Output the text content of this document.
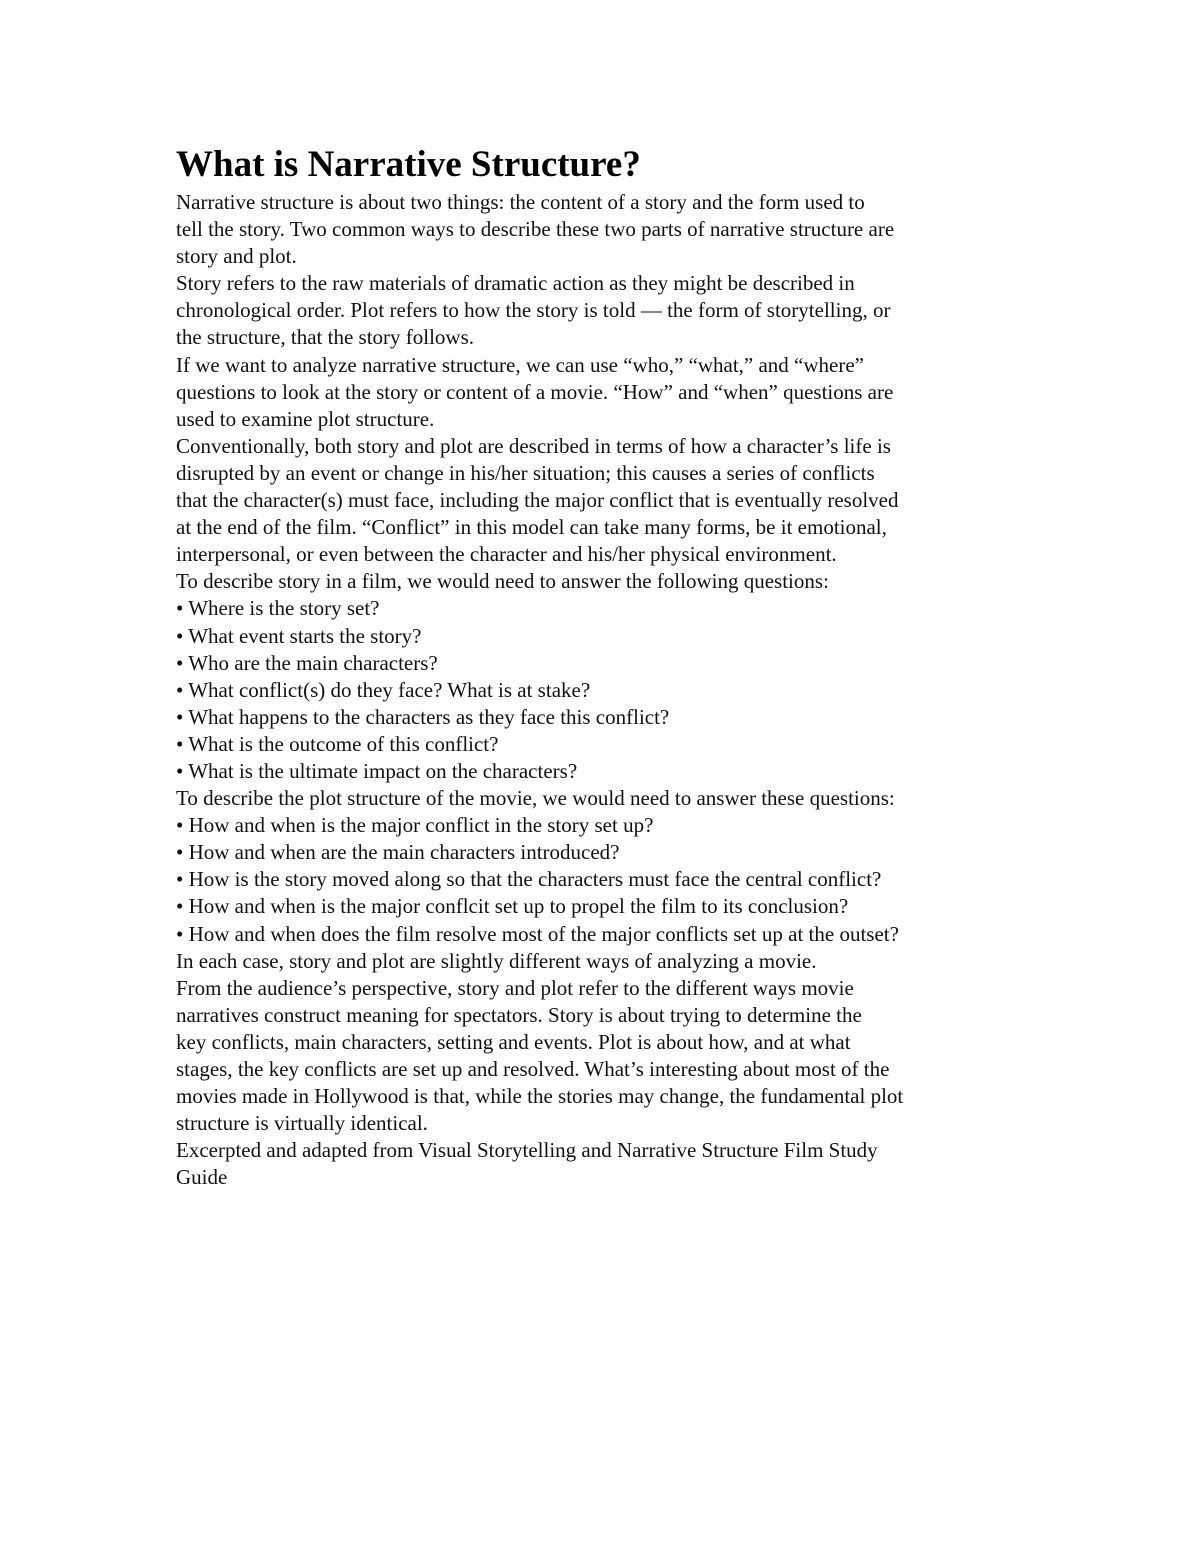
What is Narrative Structure?

Narrative structure is about two things: the content of a story and the form used to

tell the story. Two common ways to describe these two parts of narrative structure are

story and plot.

Story refers to the raw materials of dramatic action as they might be described in

chronological order. Plot refers to how the story is told — the form of storytelling, or

the structure, that the story follows.

If we want to analyze narrative structure, we can use “who,” “what,” and “where”

questions to look at the story or content of a movie. “How” and “when” questions are

used to examine plot structure.

Conventionally, both story and plot are described in terms of how a character’s life is

disrupted by an event or change in his/her situation; this causes a series of conflicts

that the character(s) must face, including the major conflict that is eventually resolved

at the end of the film. “Conflict” in this model can take many forms, be it emotional,

interpersonal, or even between the character and his/her physical environment.

To describe story in a film, we would need to answer the following questions:

• Where is the story set?

• What event starts the story?

• Who are the main characters?

• What conflict(s) do they face? What is at stake?

• What happens to the characters as they face this conflict?

• What is the outcome of this conflict?

• What is the ultimate impact on the characters?

To describe the plot structure of the movie, we would need to answer these questions:

• How and when is the major conflict in the story set up?

• How and when are the main characters introduced?

• How is the story moved along so that the characters must face the central conflict?

• How and when is the major conflcit set up to propel the film to its conclusion?

• How and when does the film resolve most of the major conflicts set up at the outset?

In each case, story and plot are slightly different ways of analyzing a movie.

From the audience’s perspective, story and plot refer to the different ways movie

narratives construct meaning for spectators. Story is about trying to determine the

key conflicts, main characters, setting and events. Plot is about how, and at what

stages, the key conflicts are set up and resolved. What’s interesting about most of the

movies made in Hollywood is that, while the stories may change, the fundamental plot

structure is virtually identical.

Excerpted and adapted from Visual Storytelling and Narrative Structure Film Study

Guide
